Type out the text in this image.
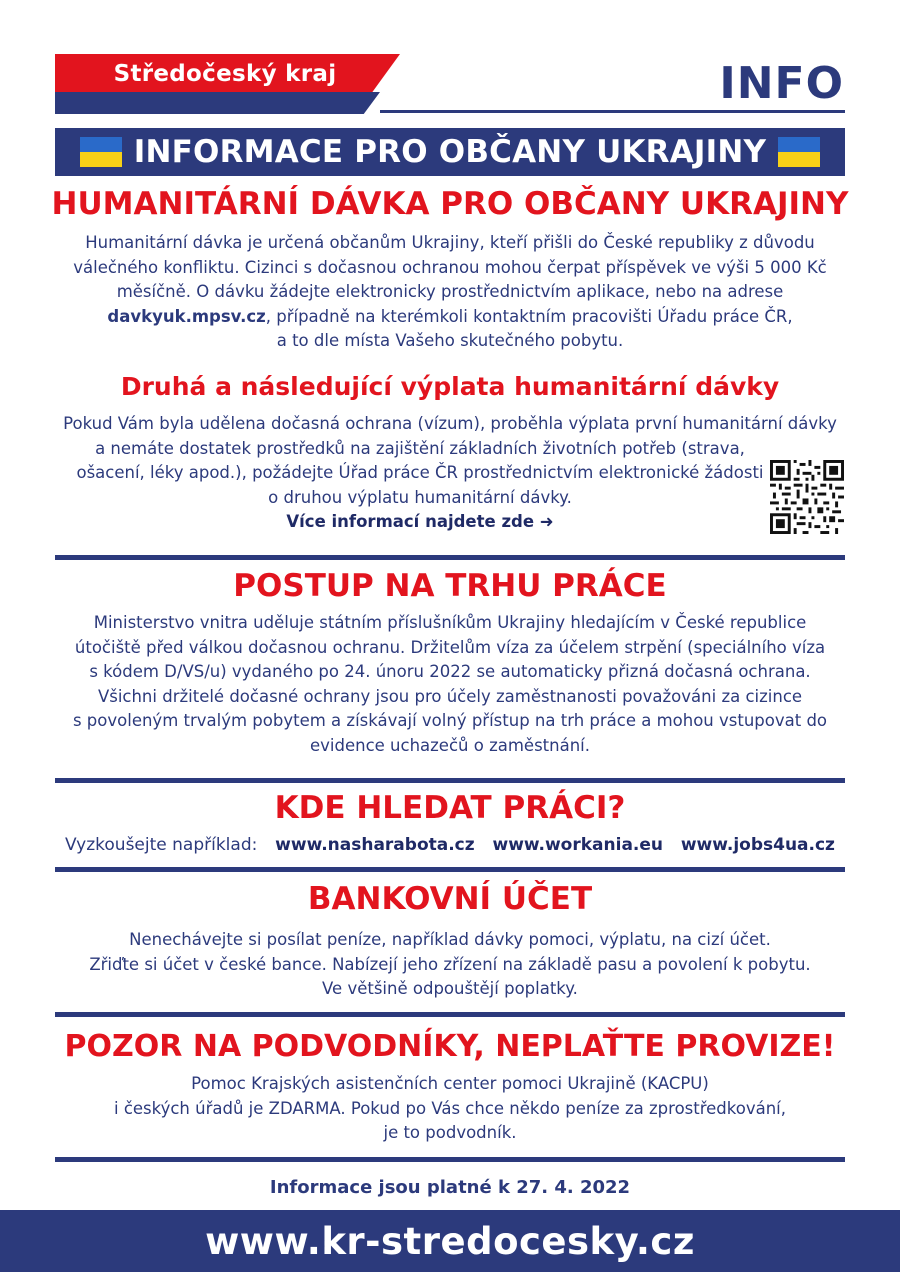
Středočeský kraj	INFO
INFORMACE PRO OBČANY UKRAJINY
HUMANITÁRNÍ DÁVKA PRO OBČANY UKRAJINY
Humanitární dávka je určená občanům Ukrajiny, kteří přišli do České republiky z důvodu
válečného konfliktu. Cizinci s dočasnou ochranou mohou čerpat příspěvek ve výši 5 000 Kč
měsíčně. O dávku žádejte elektronicky prostřednictvím aplikace, nebo na adrese
davkyuk.mpsv.cz, případně na kterémkoli kontaktním pracovišti Úřadu práce ČR,
a to dle místa Vašeho skutečného pobytu.
Druhá a následující výplata humanitární dávky
Pokud Vám byla udělena dočasná ochrana (vízum), proběhla výplata první humanitární dávky
a nemáte dostatek prostředků na zajištění základních životních potřeb (strava,
ošacení, léky apod.), požádejte Úřad práce ČR prostřednictvím elektronické žádosti
o druhou výplatu humanitární dávky.
Více informací najdete zde ➜
POSTUP NA TRHU PRÁCE
Ministerstvo vnitra uděluje státním příslušníkům Ukrajiny hledajícím v České republice
útočiště před válkou dočasnou ochranu. Držitelům víza za účelem strpění (speciálního víza
s kódem D/VS/u) vydaného po 24. únoru 2022 se automaticky přizná dočasná ochrana.
Všichni držitelé dočasné ochrany jsou pro účely zaměstnanosti považováni za cizince
s povoleným trvalým pobytem a získávají volný přístup na trh práce a mohou vstupovat do
evidence uchazečů o zaměstnání.
KDE HLEDAT PRÁCI?
Vyzkoušejte například: www.nasharabota.cz www.workania.eu www.jobs4ua.cz
BANKOVNÍ ÚČET
Nenechávejte si posílat peníze, například dávky pomoci, výplatu, na cizí účet.
Zřiďte si účet v české bance. Nabízejí jeho zřízení na základě pasu a povolení k pobytu.
Ve většině odpouštějí poplatky.
POZOR NA PODVODNÍKY, NEPLAŤTE PROVIZE!
Pomoc Krajských asistenčních center pomoci Ukrajině (KACPU)
i českých úřadů je ZDARMA. Pokud po Vás chce někdo peníze za zprostředkování,
je to podvodník.
Informace jsou platné k 27. 4. 2022
www.kr-stredocesky.cz
